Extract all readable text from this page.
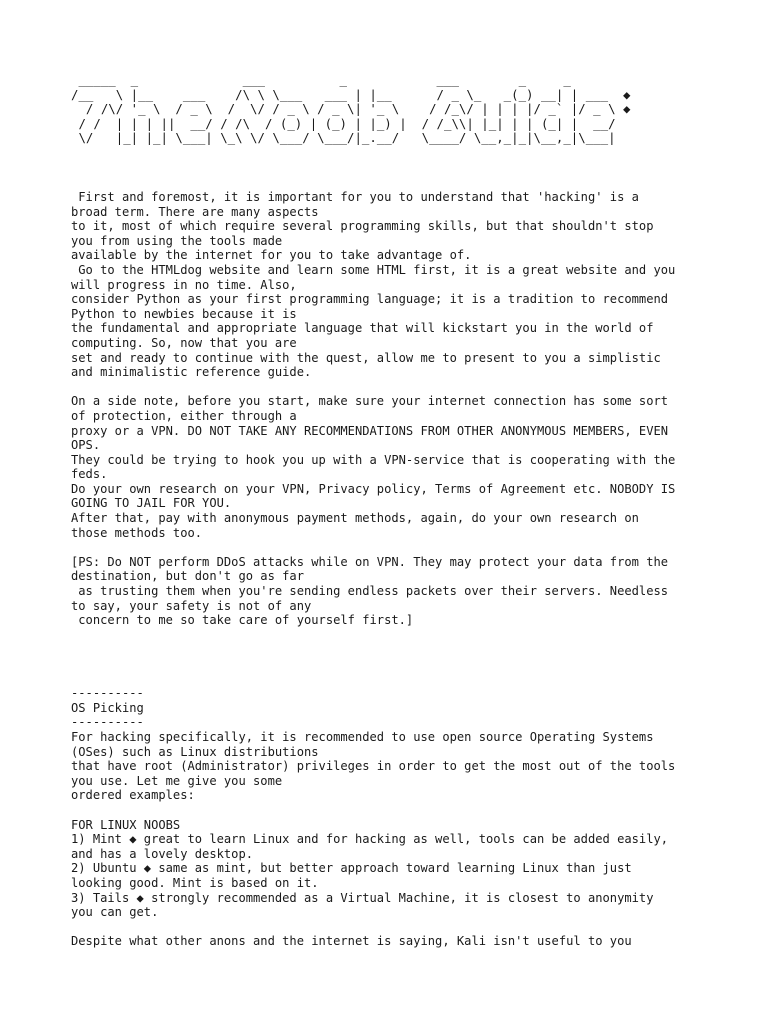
_____  _              ___          _            ___        _     _
/__   \ |__    ___    /\ \ \___   ___ | |__      / _ \_   _(_) __| | ___  ◆
/ /\/ '_ \  / _ \  /  \/ / _ \ / _ \| '_ \    / /_\/ | | | |/ _` |/ _ \ ◆
/ /  | | | ||  __/ / /\  / (_) | (_) | |_) |  / /_\\| |_| | | (_| |  __/
\/   |_| |_| \___| \_\ \/ \___/ \___/|_.__/   \____/ \__,_|_|\__,_|\___|
First and foremost, it is important for you to understand that 'hacking' is a
broad term. There are many aspects
to it, most of which require several programming skills, but that shouldn't stop
you from using the tools made
available by the internet for you to take advantage of.
Go to the HTMLdog website and learn some HTML first, it is a great website and you
will progress in no time. Also,
consider Python as your first programming language; it is a tradition to recommend
Python to newbies because it is
the fundamental and appropriate language that will kickstart you in the world of
computing. So, now that you are
set and ready to continue with the quest, allow me to present to you a simplistic
and minimalistic reference guide.
On a side note, before you start, make sure your internet connection has some sort
of protection, either through a
proxy or a VPN. DO NOT TAKE ANY RECOMMENDATIONS FROM OTHER ANONYMOUS MEMBERS, EVEN
OPS.
They could be trying to hook you up with a VPN-service that is cooperating with the
feds.
Do your own research on your VPN, Privacy policy, Terms of Agreement etc. NOBODY IS
GOING TO JAIL FOR YOU.
After that, pay with anonymous payment methods, again, do your own research on
those methods too.
[PS: Do NOT perform DDoS attacks while on VPN. They may protect your data from the
destination, but don't go as far
as trusting them when you're sending endless packets over their servers. Needless
to say, your safety is not of any
concern to me so take care of yourself first.]
----------
OS Picking
----------
For hacking specifically, it is recommended to use open source Operating Systems
(OSes) such as Linux distributions
that have root (Administrator) privileges in order to get the most out of the tools
you use. Let me give you some
ordered examples:
FOR LINUX NOOBS
1) Mint ◆ great to learn Linux and for hacking as well, tools can be added easily,
and has a lovely desktop.
2) Ubuntu ◆ same as mint, but better approach toward learning Linux than just
looking good. Mint is based on it.
3) Tails ◆ strongly recommended as a Virtual Machine, it is closest to anonymity
you can get.
Despite what other anons and the internet is saying, Kali isn't useful to you
